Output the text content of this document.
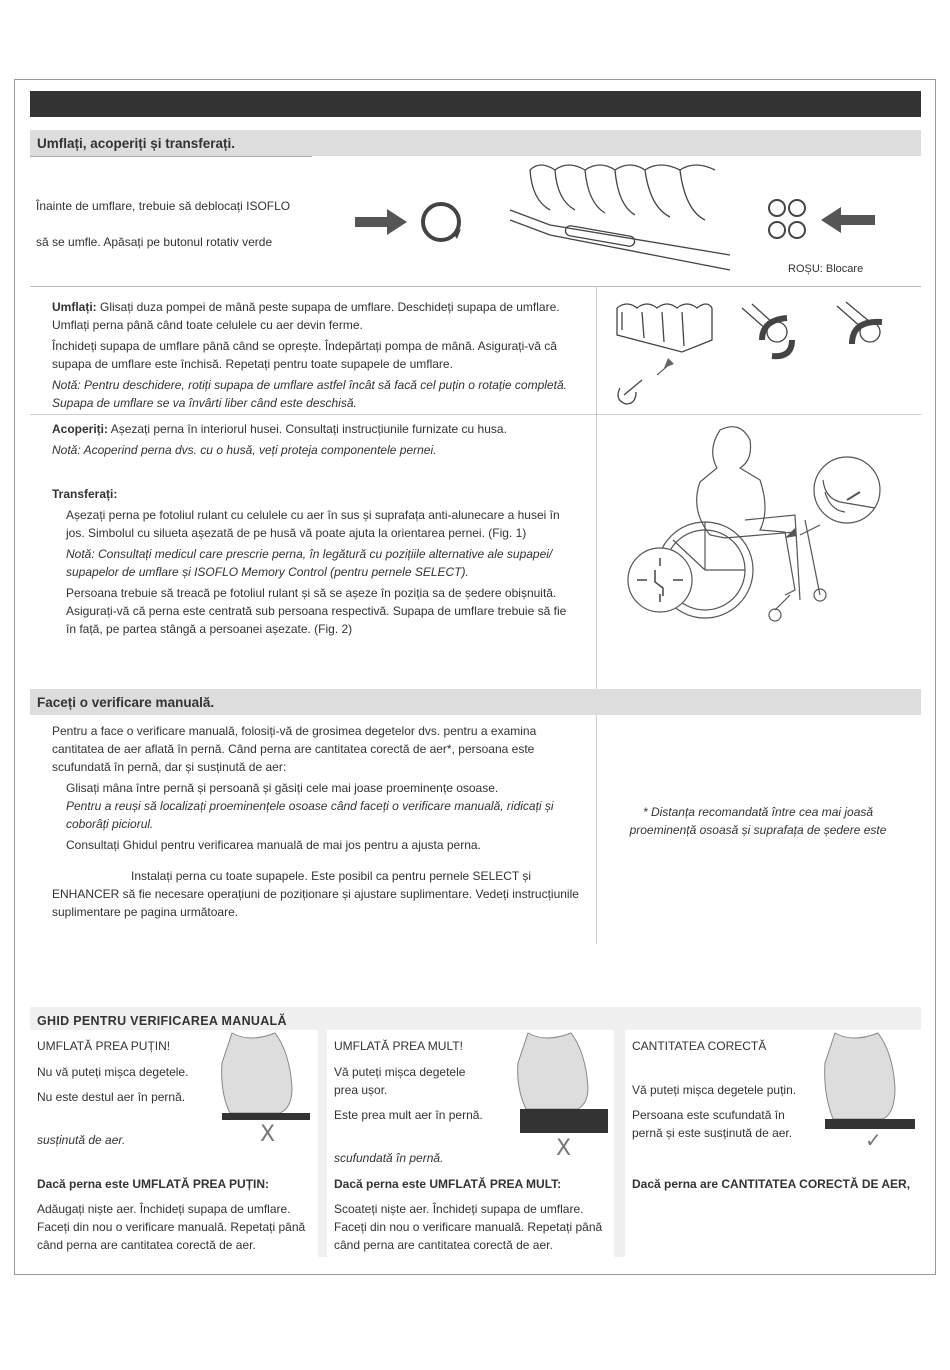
Umflați, acoperiți și transferați.
Înainte de umflare, trebuie să deblocați ISOFLO
să se umfle. Apăsați pe butonul rotativ verde
ROȘU: Blocare
Umflați: Glisați duza pompei de mână peste supapa de umflare. Deschideți supapa de umflare.
Umflați perna până când toate celulele cu aer devin ferme.
Închideți supapa de umflare până când se oprește. Îndepărtați pompa de mână. Asigurați-vă că
supapa de umflare este închisă. Repetați pentru toate supapele de umflare.
Notă: Pentru deschidere, rotiți supapa de umflare astfel încât să facă cel puțin o rotație completă.
Supapa de umflare se va învârti liber când este deschisă.
Acoperiți: Așezați perna în interiorul husei. Consultați instrucțiunile furnizate cu husa.
Notă: Acoperind perna dvs. cu o husă, veți proteja componentele pernei.
Transferați:
Așezați perna pe fotoliul rulant cu celulele cu aer în sus și suprafața anti-alunecare a husei în
jos. Simbolul cu silueta așezată de pe husă vă poate ajuta la orientarea pernei. (Fig. 1)
Notă: Consultați medicul care prescrie perna, în legătură cu pozițiile alternative ale supapei/
supapelor de umflare și ISOFLO Memory Control (pentru pernele SELECT).
Persoana trebuie să treacă pe fotoliul rulant și să se așeze în poziția sa de ședere obișnuită.
Asigurați-vă că perna este centrată sub persoana respectivă. Supapa de umflare trebuie să fie
în față, pe partea stângă a persoanei așezate. (Fig. 2)
Faceți o verificare manuală.
Pentru a face o verificare manuală, folosiți-vă de grosimea degetelor dvs. pentru a examina
cantitatea de aer aflată în pernă. Când perna are cantitatea corectă de aer*, persoana este
scufundată în pernă, dar și susținută de aer:
Glisați mâna între pernă și persoană și găsiți cele mai joase proeminențe osoase.
Pentru a reuși să localizați proeminențele osoase când faceți o verificare manuală, ridicați și
coborâți piciorul.
Consultați Ghidul pentru verificarea manuală de mai jos pentru a ajusta perna.
Instalați perna cu toate supapele. Este posibil ca pentru pernele SELECT și
ENHANCER să fie necesare operațiuni de poziționare și ajustare suplimentare. Vedeți instrucțiunile
suplimentare pe pagina următoare.
* Distanța recomandată între cea mai joasă
proeminență osoasă și suprafața de ședere este
GHID PENTRU VERIFICAREA MANUALĂ
UMFLATĂ PREA PUȚIN!
Nu vă puteți mișca degetele.
Nu este destul aer în pernă.
susținută de aer.	X
Dacă perna este UMFLATĂ PREA PUȚIN:
Adăugați niște aer. Închideți supapa de umflare.
Faceți din nou o verificare manuală. Repetați până
când perna are cantitatea corectă de aer.
UMFLATĂ PREA MULT!
Vă puteți mișca degetele
prea ușor.
Este prea mult aer în pernă.
scufundată în pernă.	X
Dacă perna este UMFLATĂ PREA MULT:
Scoateți niște aer. Închideți supapa de umflare.
Faceți din nou o verificare manuală. Repetați până
când perna are cantitatea corectă de aer.
CANTITATEA CORECTĂ
Vă puteți mișca degetele puțin.
Persoana este scufundată în
pernă și este susținută de aer.	✓
Dacă perna are CANTITATEA CORECTĂ DE AER,
